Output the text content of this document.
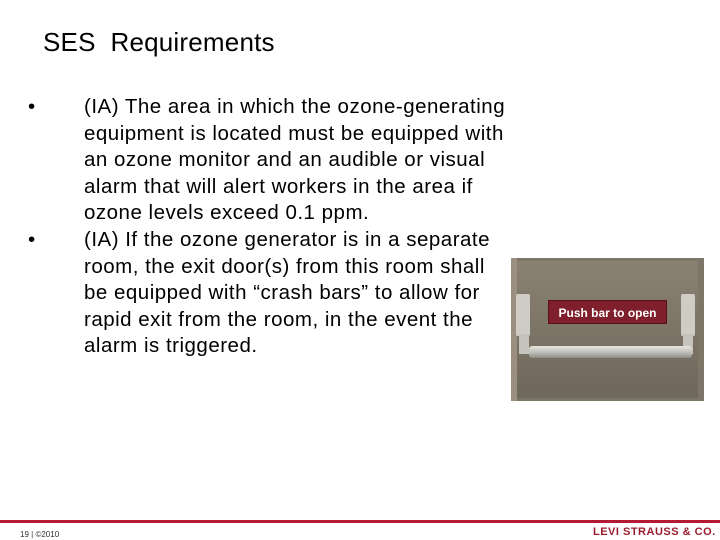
SES  Requirements
•	(IA) The area in which the ozone-generating equipment is located must be equipped with an ozone monitor and an audible or visual alarm that will alert workers in the area if ozone levels exceed 0.1 ppm.
•	(IA) If the ozone generator is in a separate room, the exit door(s) from this room shall be equipped with “crash bars” to allow for rapid exit from the room, in the event the alarm is triggered.
Push bar to open
19 | ©2010	LEVI STRAUSS & CO.
